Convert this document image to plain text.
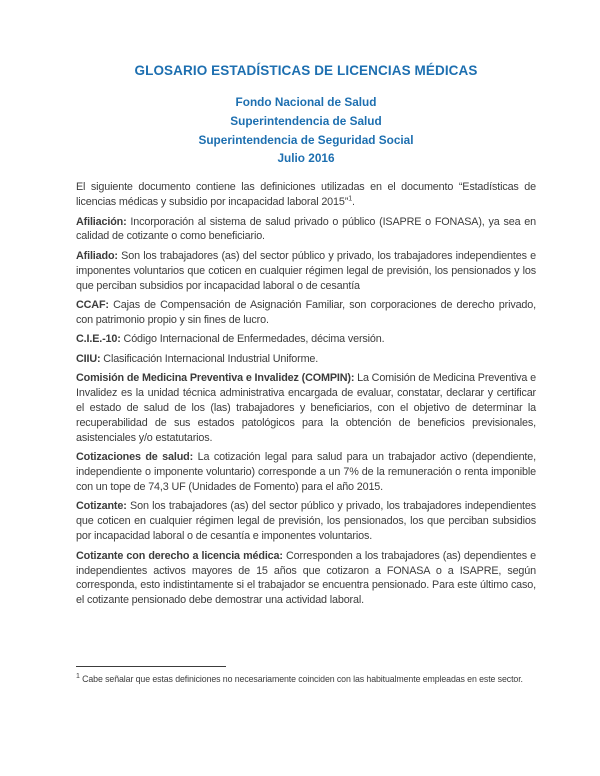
GLOSARIO ESTADÍSTICAS DE LICENCIAS MÉDICAS
Fondo Nacional de Salud
Superintendencia de Salud
Superintendencia de Seguridad Social
Julio 2016

El siguiente documento contiene las definiciones utilizadas en el documento “Estadísticas de licencias médicas y subsidio por incapacidad laboral 2015”$^1$.

Afiliación: Incorporación al sistema de salud privado o público (ISAPRE o FONASA), ya sea en calidad de cotizante o como beneficiario.

Afiliado: Son los trabajadores (as) del sector público y privado, los trabajadores independientes e imponentes voluntarios que coticen en cualquier régimen legal de previsión, los pensionados y los que perciban subsidios por incapacidad laboral o de cesantía

CCAF: Cajas de Compensación de Asignación Familiar, son corporaciones de derecho privado, con patrimonio propio y sin fines de lucro.

C.I.E.-10: Código Internacional de Enfermedades, décima versión.

CIIU: Clasificación Internacional Industrial Uniforme.

Comisión de Medicina Preventiva e Invalidez (COMPIN): La Comisión de Medicina Preventiva e Invalidez es la unidad técnica administrativa encargada de evaluar, constatar, declarar y certificar el estado de salud de los (las) trabajadores y beneficiarios, con el objetivo de determinar la recuperabilidad de sus estados patológicos para la obtención de beneficios previsionales, asistenciales y/o estatutarios.

Cotizaciones de salud: La cotización legal para salud para un trabajador activo (dependiente, independiente o imponente voluntario) corresponde a un 7% de la remuneración o renta imponible con un tope de 74,3 UF (Unidades de Fomento) para el año 2015.

Cotizante: Son los trabajadores (as) del sector público y privado, los trabajadores independientes que coticen en cualquier régimen legal de previsión, los pensionados, los que perciban subsidios por incapacidad laboral o de cesantía e imponentes voluntarios.

Cotizante con derecho a licencia médica: Corresponden a los trabajadores (as) dependientes e independientes activos mayores de 15 años que cotizaron a FONASA o a ISAPRE, según corresponda, esto indistintamente si el trabajador se encuentra pensionado. Para este último caso, el cotizante pensionado debe demostrar una actividad laboral.

$^1$ Cabe señalar que estas definiciones no necesariamente coinciden con las habitualmente empleadas en este sector.
